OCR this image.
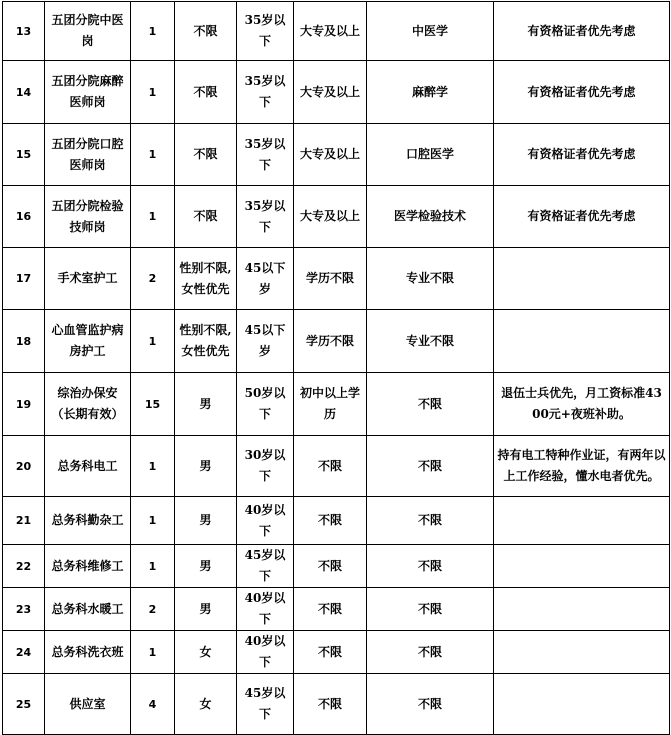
13	五团分院中医岗	1	不限	35岁以下	大专及以上	中医学	有资格证者优先考虑

14	五团分院麻醉医师岗	1	不限	35岁以下	大专及以上	麻醉学	有资格证者优先考虑

15	五团分院口腔医师岗	1	不限	35岁以下	大专及以上	口腔医学	有资格证者优先考虑

16	五团分院检验技师岗	1	不限	35岁以下	大专及以上	医学检验技术	有资格证者优先考虑

17	手术室护工	2	性别不限,女性优先	45以下岁	学历不限	专业不限	

18	心血管监护病房护工	1	性别不限,女性优先	45以下岁	学历不限	专业不限	

19	综治办保安（长期有效）	15	男	50岁以下	初中以上学历	不限	退伍士兵优先，月工资标准4300元+夜班补助。

20	总务科电工	1	男	30岁以下	不限	不限	持有电工特种作业证，有两年以上工作经验，懂水电者优先。

21	总务科勤杂工	1	男	40岁以下	不限	不限	

22	总务科维修工	1	男	45岁以下	不限	不限	

23	总务科水暖工	2	男	40岁以下	不限	不限	

24	总务科洗衣班	1	女	40岁以下	不限	不限	

25	供应室	4	女	45岁以下	不限	不限	
